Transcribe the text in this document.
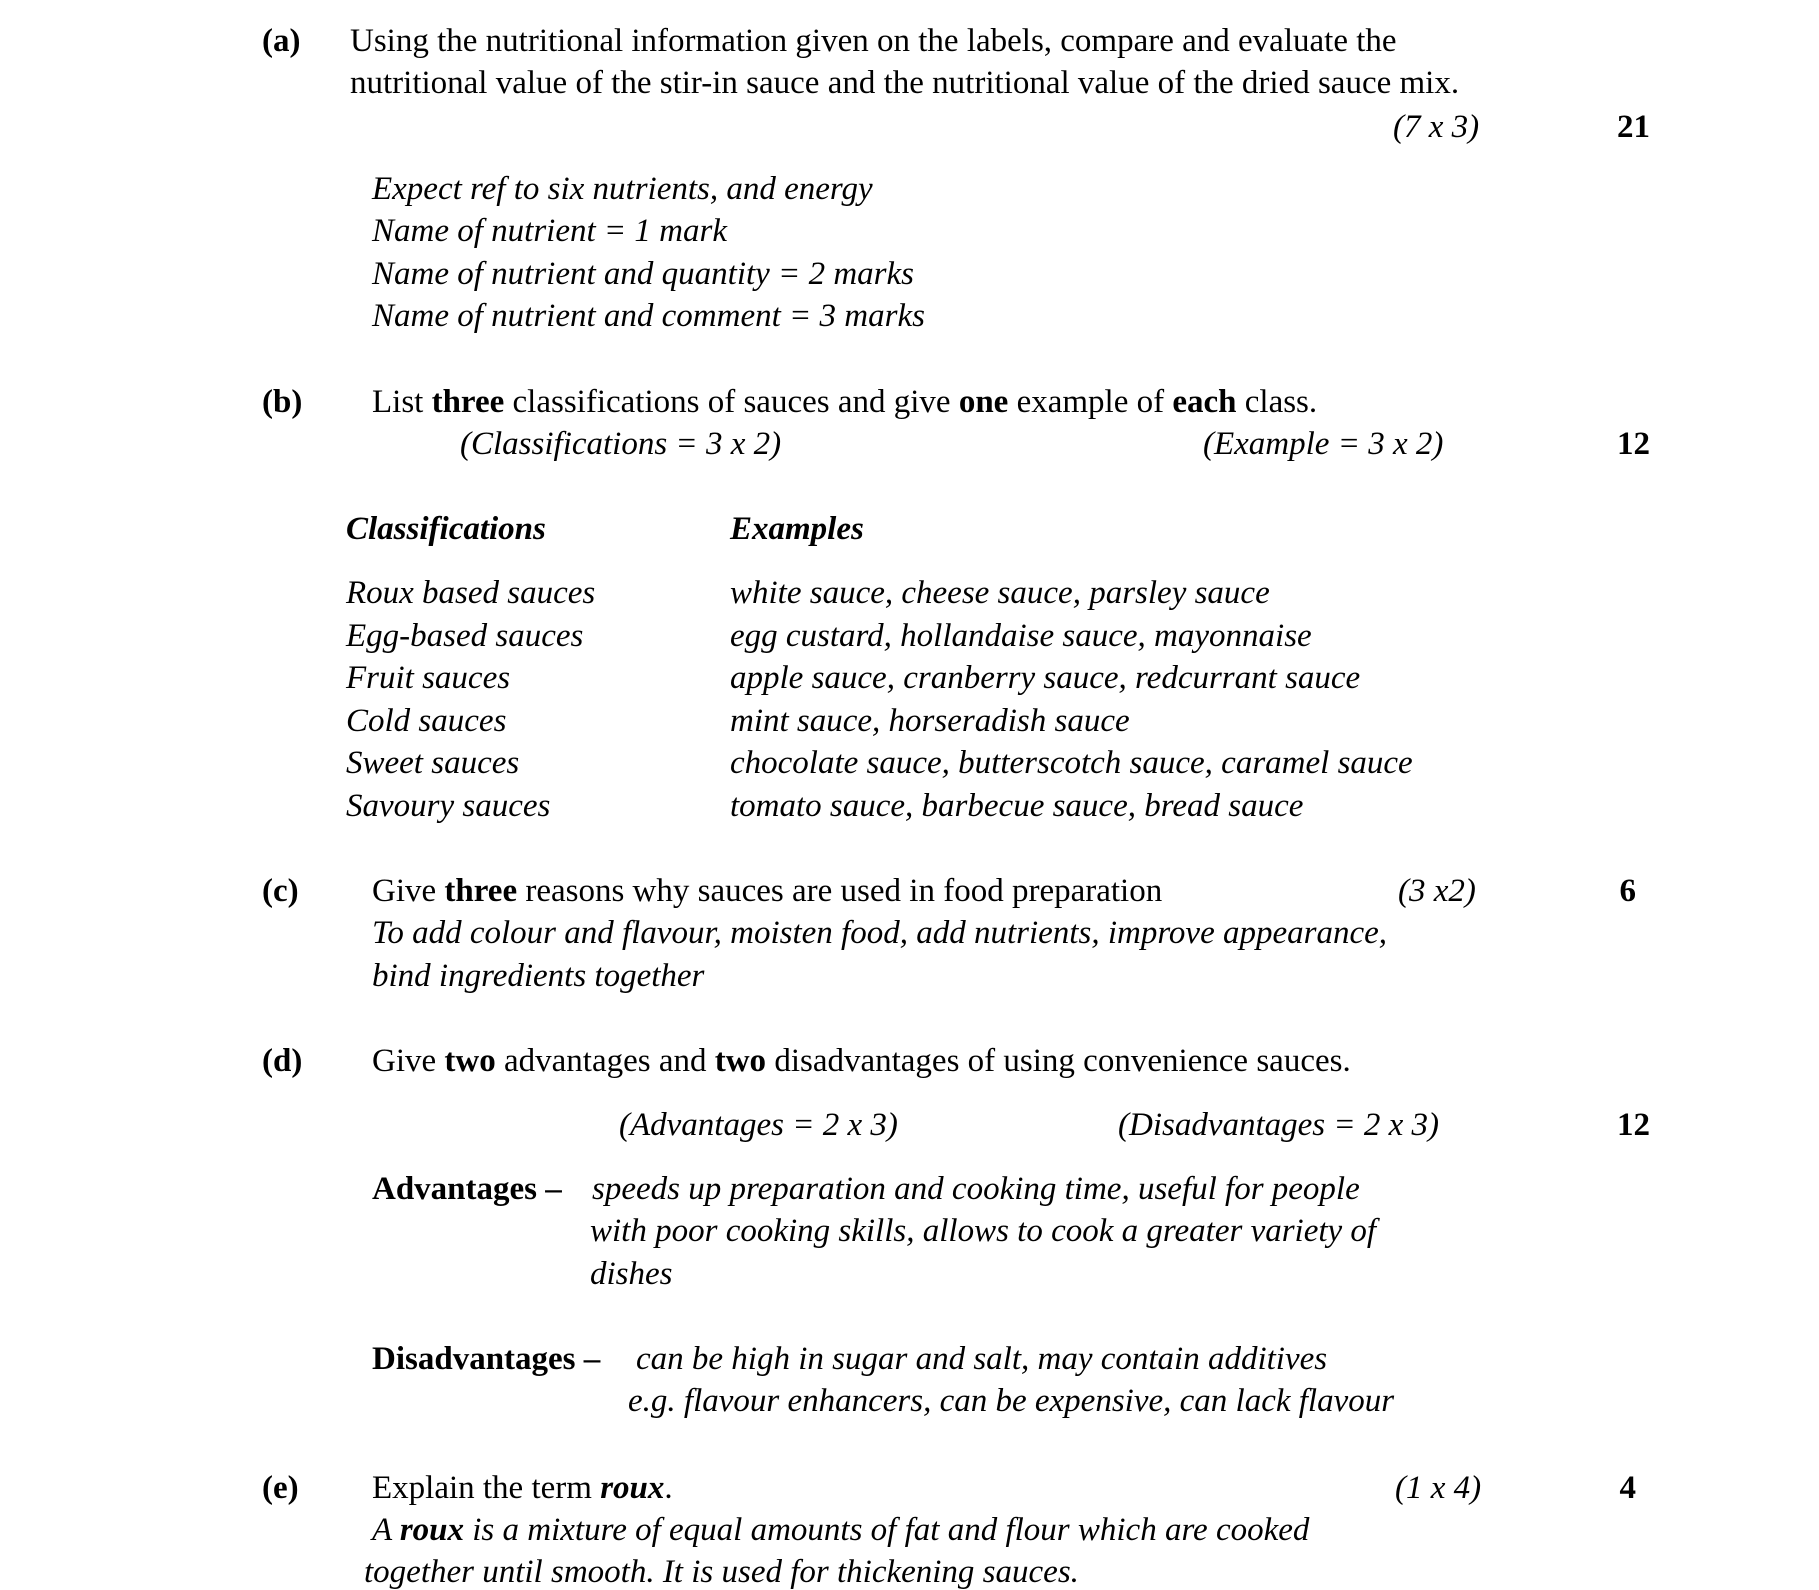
(a) Using the nutritional information given on the labels, compare and evaluate the
nutritional value of the stir-in sauce and the nutritional value of the dried sauce mix.
(7 x 3)	21
Expect ref to six nutrients, and energy
Name of nutrient = 1 mark
Name of nutrient and quantity = 2 marks
Name of nutrient and comment = 3 marks
(b) List three classifications of sauces and give one example of each class.
(Classifications = 3 x 2)	(Example = 3 x 2)	12
Classifications	Examples
Roux based sauces	white sauce, cheese sauce, parsley sauce
Egg-based sauces	egg custard, hollandaise sauce, mayonnaise
Fruit sauces	apple sauce, cranberry sauce, redcurrant sauce
Cold sauces	mint sauce, horseradish sauce
Sweet sauces	chocolate sauce, butterscotch sauce, caramel sauce
Savoury sauces	tomato sauce, barbecue sauce, bread sauce
(c) Give three reasons why sauces are used in food preparation	(3 x2)	6
To add colour and flavour, moisten food, add nutrients, improve appearance,
bind ingredients together
(d) Give two advantages and two disadvantages of using convenience sauces.
(Advantages = 2 x 3)	(Disadvantages = 2 x 3)	12
Advantages – speeds up preparation and cooking time, useful for people
with poor cooking skills, allows to cook a greater variety of
dishes
Disadvantages – can be high in sugar and salt, may contain additives
e.g. flavour enhancers, can be expensive, can lack flavour
(e) Explain the term roux.	(1 x 4)	4
A roux is a mixture of equal amounts of fat and flour which are cooked
together until smooth. It is used for thickening sauces.
